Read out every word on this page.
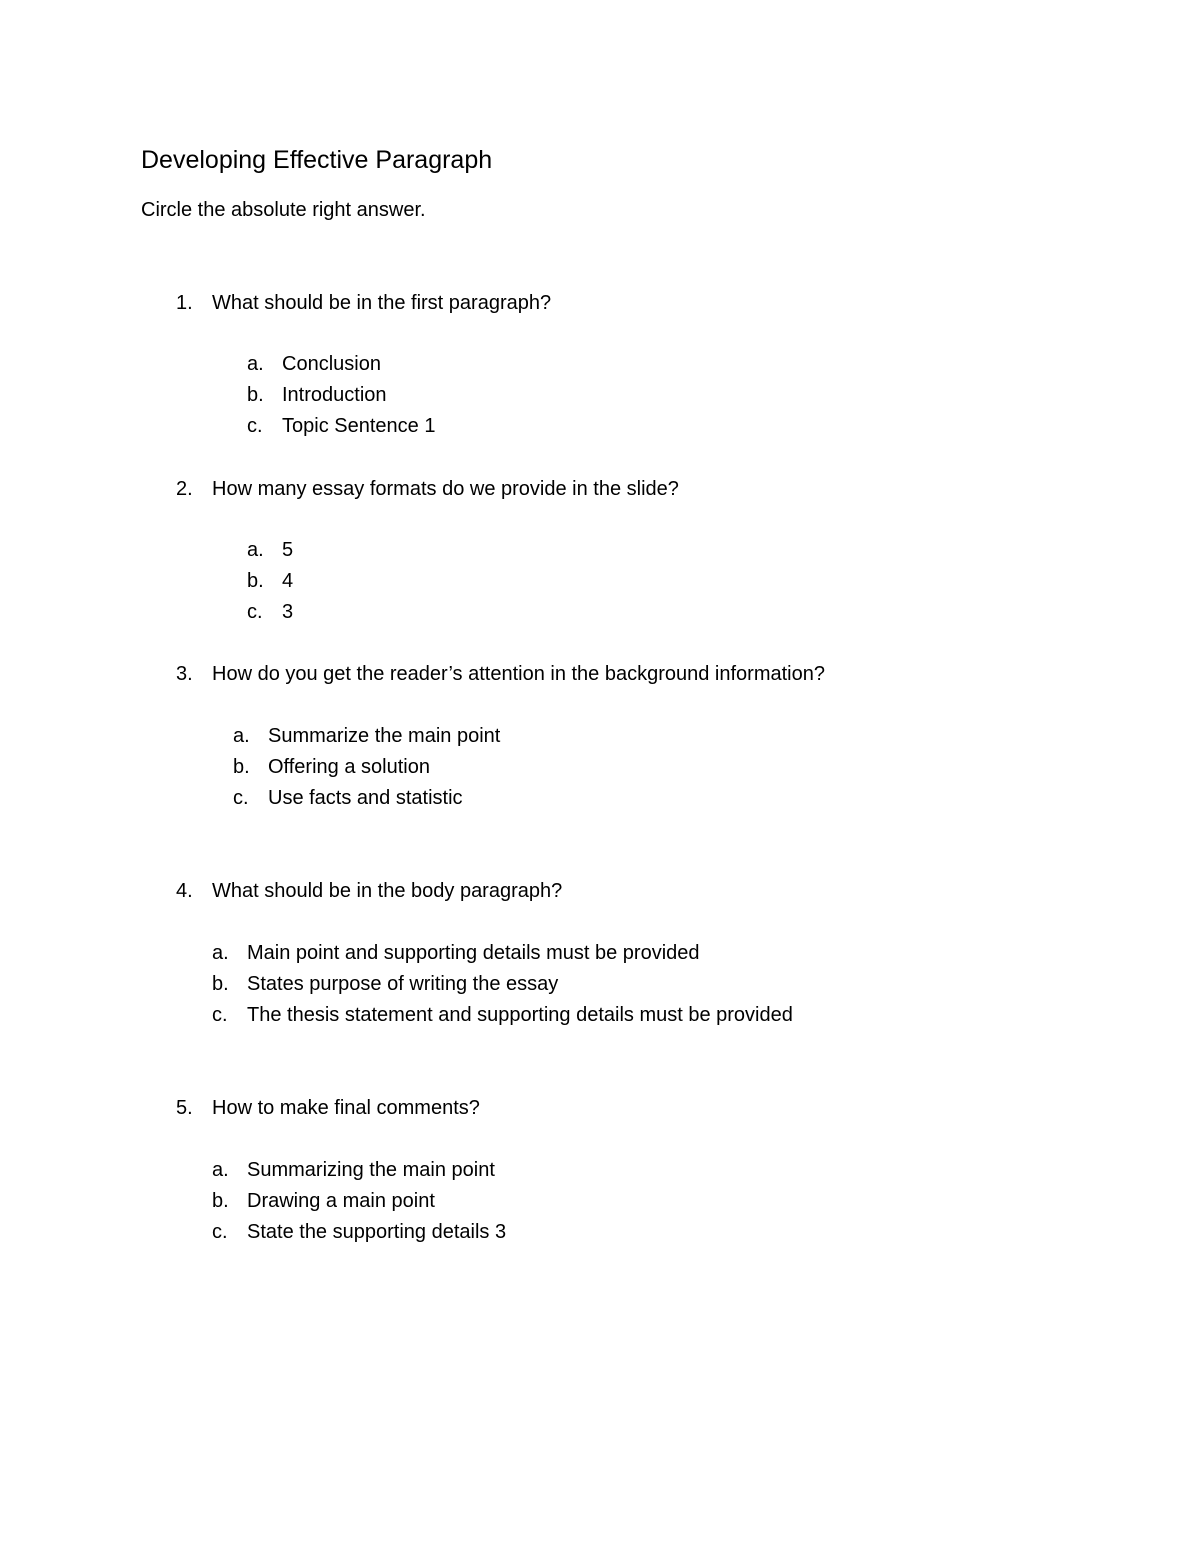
Developing Effective Paragraph
Circle the absolute right answer.
1. What should be in the first paragraph?
a. Conclusion
b. Introduction
c. Topic Sentence 1
2. How many essay formats do we provide in the slide?
a. 5
b. 4
c. 3
3. How do you get the reader’s attention in the background information?
a. Summarize the main point
b. Offering a solution
c. Use facts and statistic
4. What should be in the body paragraph?
a. Main point and supporting details must be provided
b. States purpose of writing the essay
c. The thesis statement and supporting details must be provided
5. How to make final comments?
a. Summarizing the main point
b. Drawing a main point
c. State the supporting details 3
